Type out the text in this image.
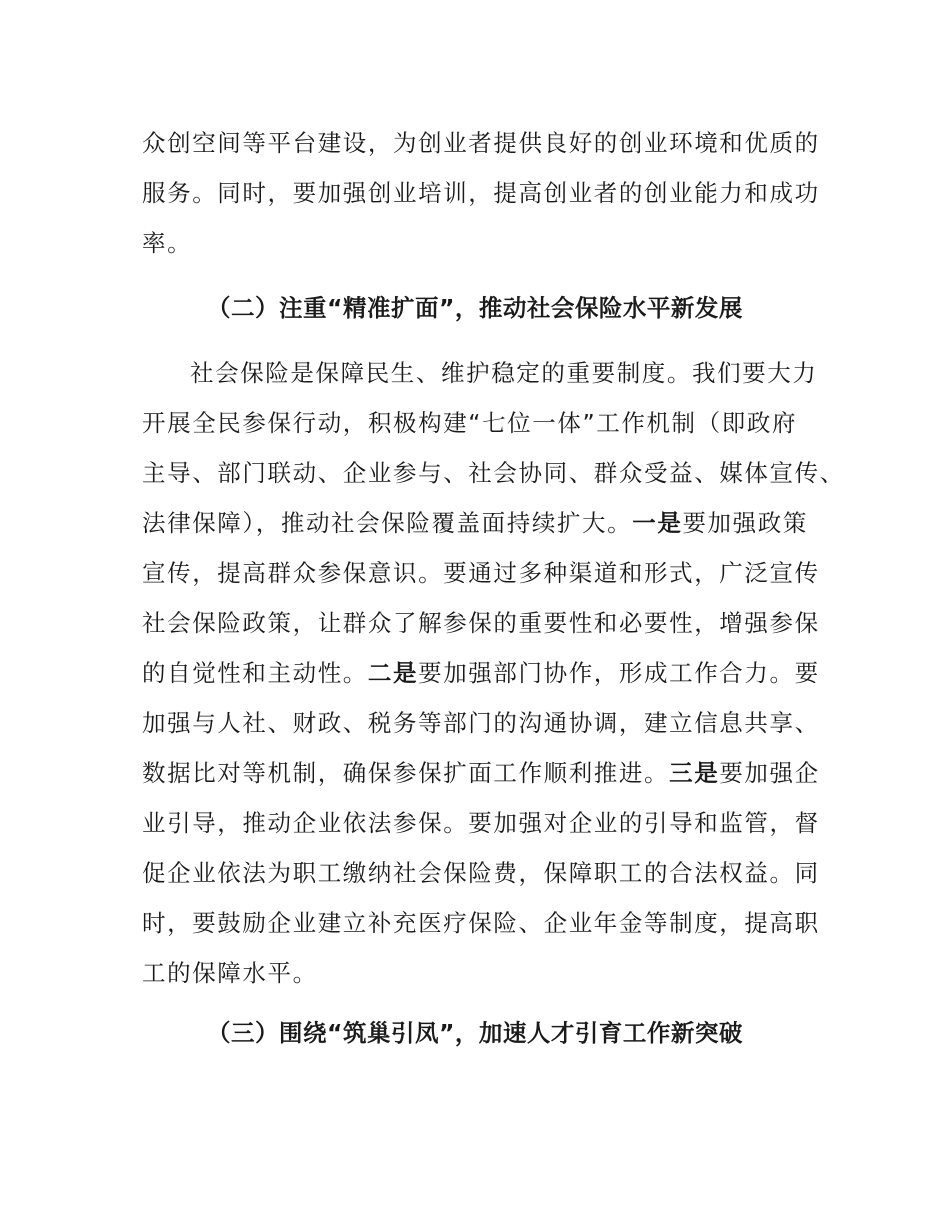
众创空间等平台建设，为创业者提供良好的创业环境和优质的
服务。同时，要加强创业培训，提高创业者的创业能力和成功
率。
（二）注重“精准扩面”，推动社会保险水平新发展
社会保险是保障民生、维护稳定的重要制度。我们要大力
开展全民参保行动，积极构建“七位一体”工作机制（即政府
主导、部门联动、企业参与、社会协同、群众受益、媒体宣传、
法律保障），推动社会保险覆盖面持续扩大。一是要加强政策
宣传，提高群众参保意识。要通过多种渠道和形式，广泛宣传
社会保险政策，让群众了解参保的重要性和必要性，增强参保
的自觉性和主动性。二是要加强部门协作，形成工作合力。要
加强与人社、财政、税务等部门的沟通协调，建立信息共享、
数据比对等机制，确保参保扩面工作顺利推进。三是要加强企
业引导，推动企业依法参保。要加强对企业的引导和监管，督
促企业依法为职工缴纳社会保险费，保障职工的合法权益。同
时，要鼓励企业建立补充医疗保险、企业年金等制度，提高职
工的保障水平。
（三）围绕“筑巢引凤”，加速人才引育工作新突破
